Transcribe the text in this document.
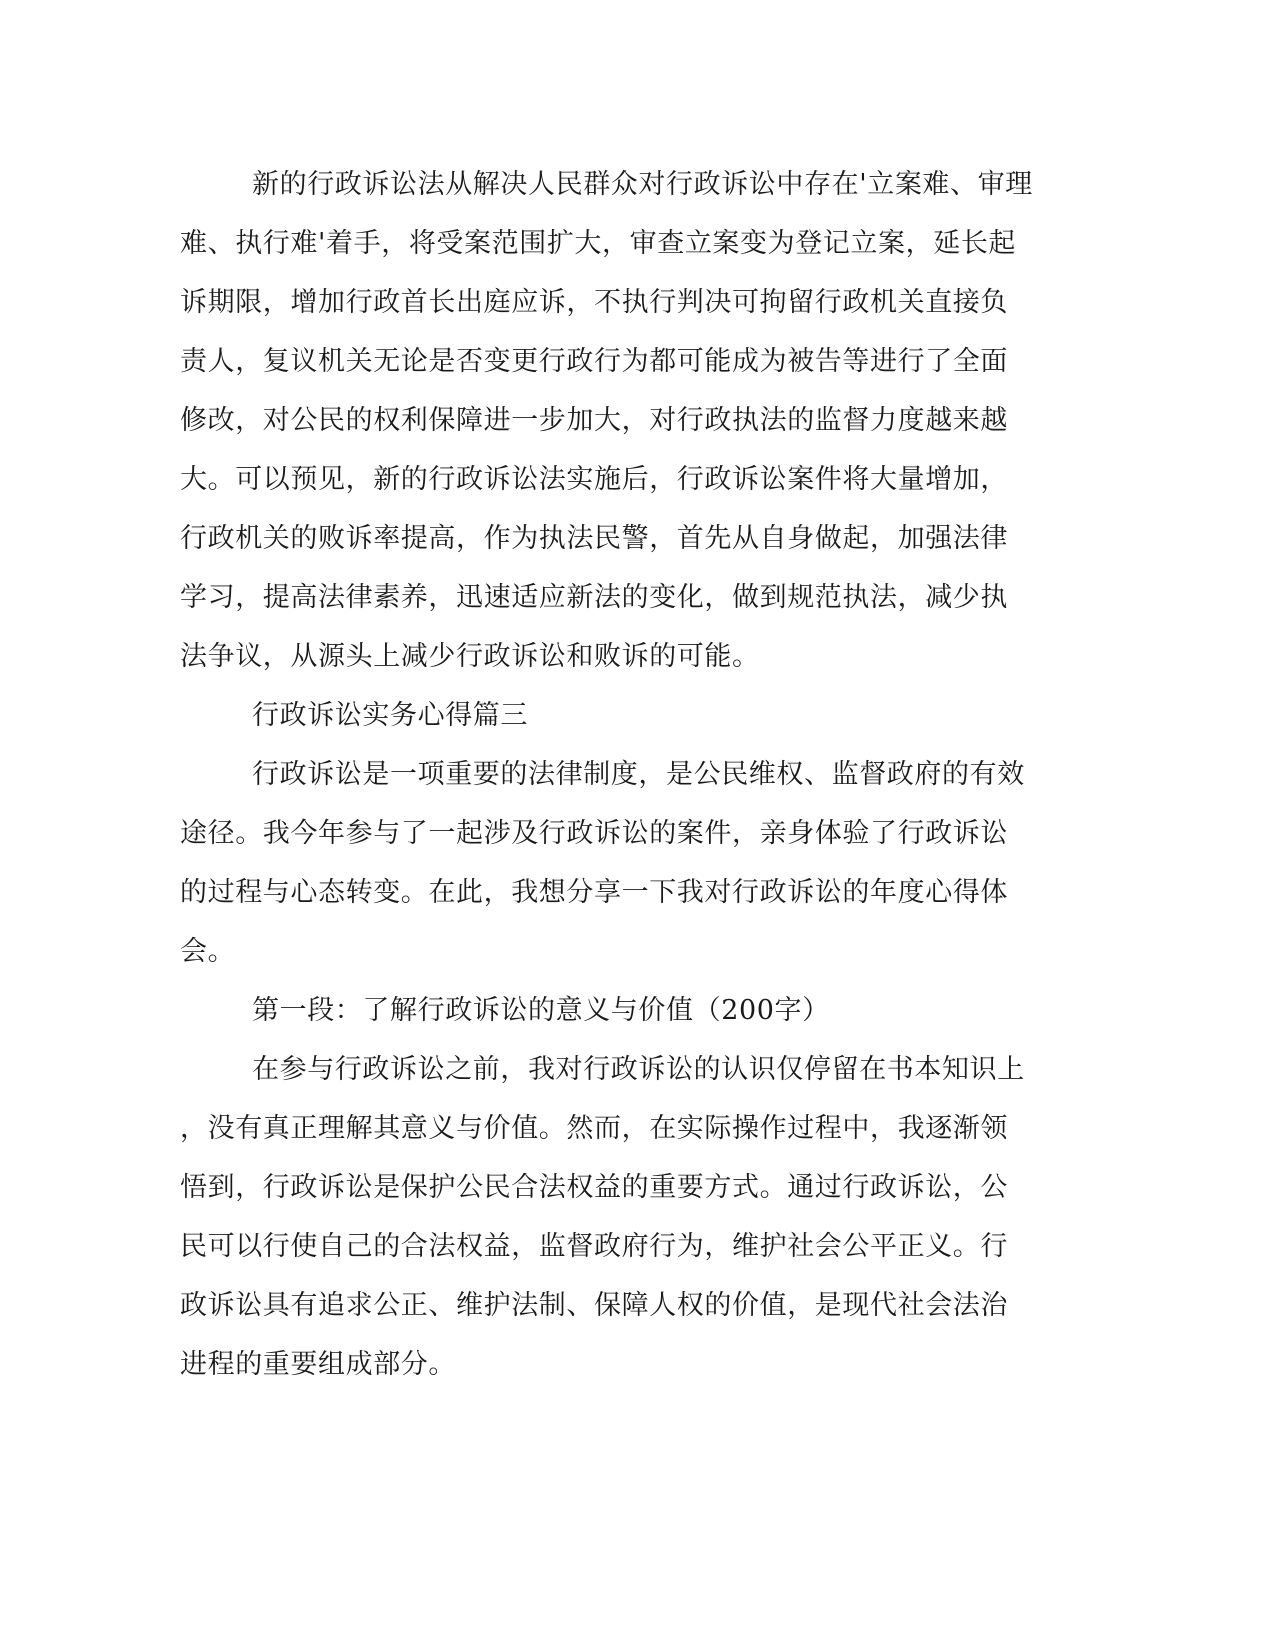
新的行政诉讼法从解决人民群众对行政诉讼中存在'立案难、审理
难、执行难'着手，将受案范围扩大，审查立案变为登记立案，延长起
诉期限，增加行政首长出庭应诉，不执行判决可拘留行政机关直接负
责人，复议机关无论是否变更行政行为都可能成为被告等进行了全面
修改，对公民的权利保障进一步加大，对行政执法的监督力度越来越
大。可以预见，新的行政诉讼法实施后，行政诉讼案件将大量增加，
行政机关的败诉率提高，作为执法民警，首先从自身做起，加强法律
学习，提高法律素养，迅速适应新法的变化，做到规范执法，减少执
法争议，从源头上减少行政诉讼和败诉的可能。
行政诉讼实务心得篇三
行政诉讼是一项重要的法律制度，是公民维权、监督政府的有效
途径。我今年参与了一起涉及行政诉讼的案件，亲身体验了行政诉讼
的过程与心态转变。在此，我想分享一下我对行政诉讼的年度心得体
会。
第一段：了解行政诉讼的意义与价值（200字）
在参与行政诉讼之前，我对行政诉讼的认识仅停留在书本知识上
，没有真正理解其意义与价值。然而，在实际操作过程中，我逐渐领
悟到，行政诉讼是保护公民合法权益的重要方式。通过行政诉讼，公
民可以行使自己的合法权益，监督政府行为，维护社会公平正义。行
政诉讼具有追求公正、维护法制、保障人权的价值，是现代社会法治
进程的重要组成部分。
